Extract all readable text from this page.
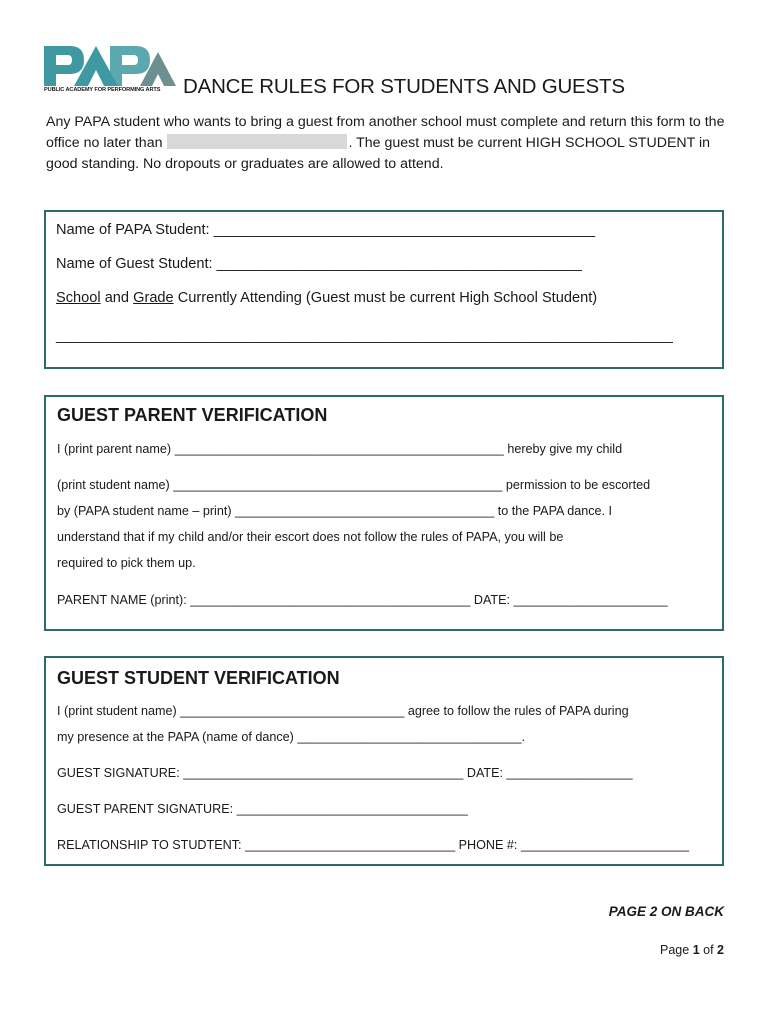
PUBLIC ACADEMY FOR PERFORMING ARTS	DANCE RULES FOR STUDENTS AND GUESTS
Any PAPA student who wants to bring a guest from another school must complete and return this form to the office no later than	. The guest must be current HIGH SCHOOL STUDENT in good standing. No dropouts or graduates are allowed to attend.
Name of PAPA Student: _______________________________________________
Name of Guest Student: _____________________________________________
School and Grade Currently Attending (Guest must be current High School Student)
____________________________________________________________________________
GUEST PARENT VERIFICATION
I (print parent name) _______________________________________________ hereby give my child
(print student name) _______________________________________________ permission to be escorted
by (PAPA student name – print) _____________________________________ to the PAPA dance. I
understand that if my child and/or their escort does not follow the rules of PAPA, you will be
required to pick them up.
PARENT NAME (print): ________________________________________ DATE: ______________________
GUEST STUDENT VERIFICATION
I (print student name) ________________________________ agree to follow the rules of PAPA during
my presence at the PAPA (name of dance) ________________________________.
GUEST SIGNATURE: ________________________________________ DATE: __________________
GUEST PARENT SIGNATURE: _________________________________
RELATIONSHIP TO STUDTENT: ______________________________ PHONE #: ________________________
PAGE 2 ON BACK
Page 1 of 2
